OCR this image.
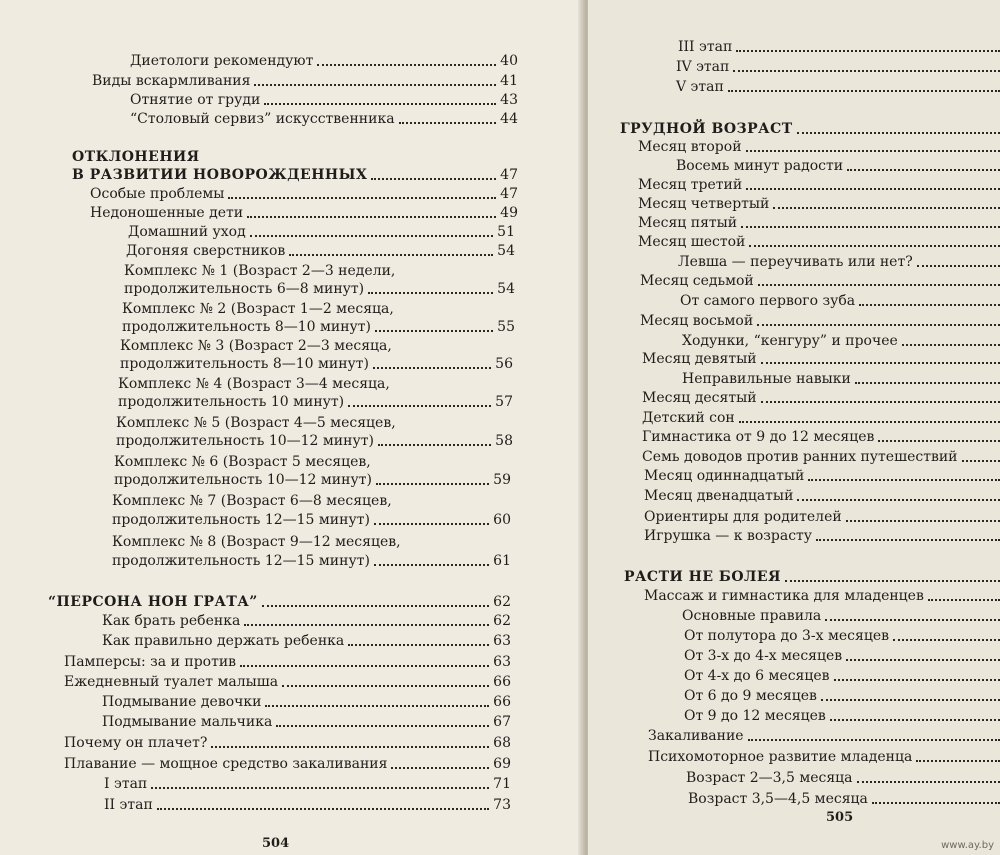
Диетологи рекомендуют	40
Виды вскармливания	41
Отнятие от груди	43
“Столовый сервиз” искусственника	44
ОТКЛОНЕНИЯ
В РАЗВИТИИ НОВОРОЖДЕННЫХ	47
Особые проблемы	47
Недоношенные дети	49
Домашний уход	51
Догоняя сверстников	54
Комплекс № 1 (Возраст 2—3 недели,
продолжительность 6—8 минут)	54
Комплекс № 2 (Возраст 1—2 месяца,
продолжительность 8—10 минут)	55
Комплекс № 3 (Возраст 2—3 месяца,
продолжительность 8—10 минут)	56
Комплекс № 4 (Возраст 3—4 месяца,
продолжительность 10 минут)	57
Комплекс № 5 (Возраст 4—5 месяцев,
продолжительность 10—12 минут)	58
Комплекс № 6 (Возраст 5 месяцев,
продолжительность 10—12 минут)	59
Комплекс № 7 (Возраст 6—8 месяцев,
продолжительность 12—15 минут)	60
Комплекс № 8 (Возраст 9—12 месяцев,
продолжительность 12—15 минут)	61
“ПЕРСОНА НОН ГРАТА”	62
Как брать ребенка	62
Как правильно держать ребенка	63
Памперсы: за и против	63
Ежедневный туалет малыша	66
Подмывание девочки	66
Подмывание мальчика	67
Почему он плачет?	68
Плавание — мощное средство закаливания	69
I этап	71
II этап	73
504
III этап
IV этап
V этап
ГРУДНОЙ ВОЗРАСТ
Месяц второй
Восемь минут радости
Месяц третий
Месяц четвертый
Месяц пятый
Месяц шестой
Левша — переучивать или нет?
Месяц седьмой
От самого первого зуба
Месяц восьмой
Ходунки, “кенгуру” и прочее
Месяц девятый
Неправильные навыки
Месяц десятый
Детский сон
Гимнастика от 9 до 12 месяцев
Семь доводов против ранних путешествий
Месяц одиннадцатый
Месяц двенадцатый
Ориентиры для родителей
Игрушка — к возрасту
РАСТИ НЕ БОЛЕЯ
Массаж и гимнастика для младенцев
Основные правила
От полутора до 3-х месяцев
От 3-х до 4-х месяцев
От 4-х до 6 месяцев
От 6 до 9 месяцев
От 9 до 12 месяцев
Закаливание
Психомоторное развитие младенца
Возраст 2—3,5 месяца
Возраст 3,5—4,5 месяца
505
www.ay.by
